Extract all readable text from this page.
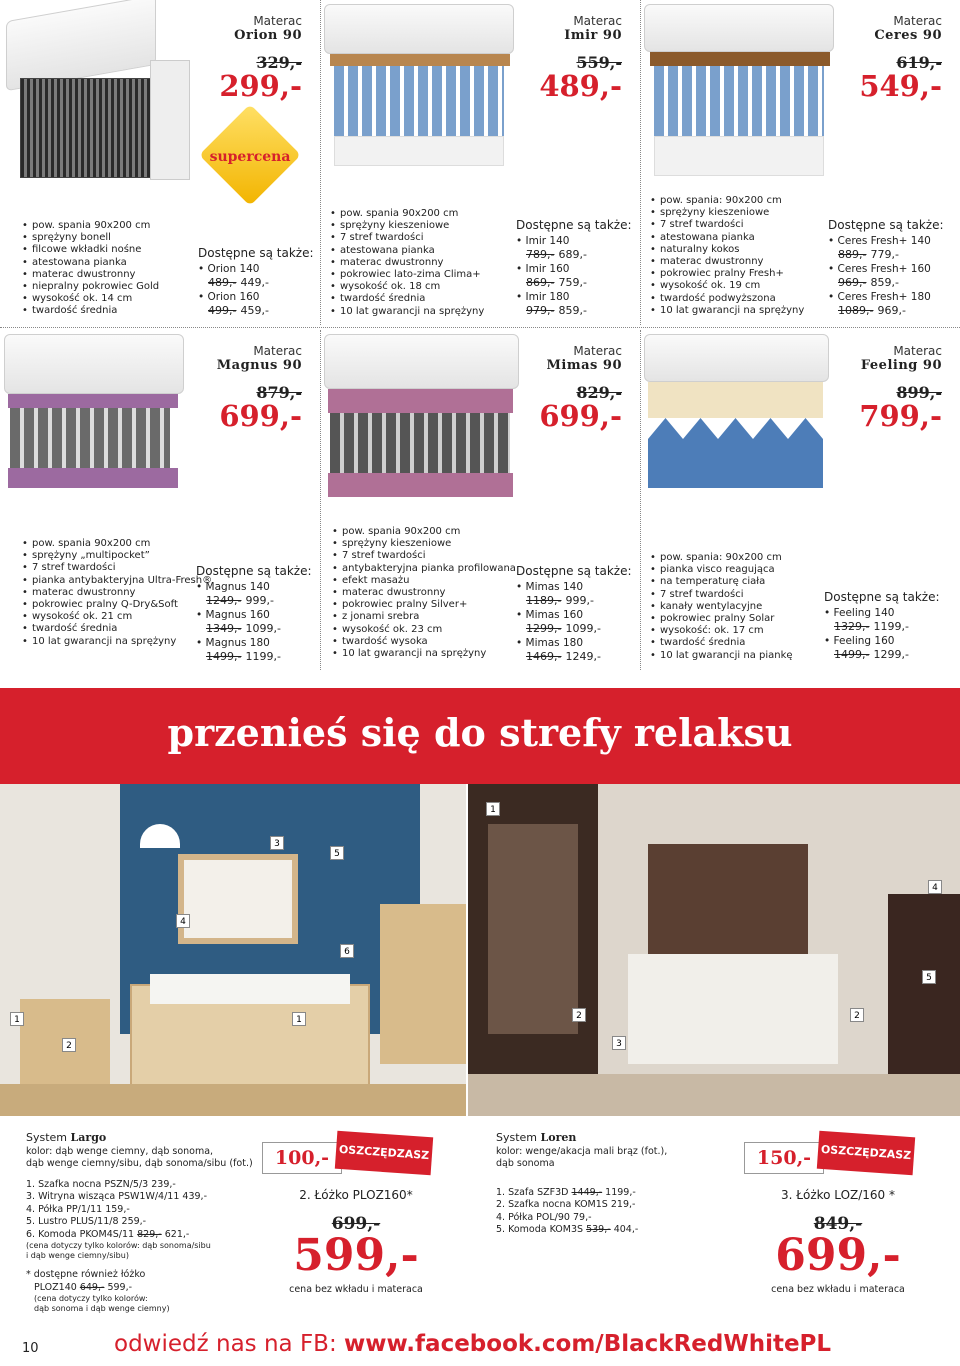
Materac
Orion 90
329,-
299,-
supercena
• pow. spania 90x200 cm
• sprężyny bonell
• filcowe wkładki nośne
• atestowana pianka
• materac dwustronny
• niepralny pokrowiec Gold
• wysokość ok. 14 cm
• twardość średnia
Dostępne są także:
• Orion 140
489,- 449,-
• Orion 160
499,- 459,-
Materac
Imir 90
559,-
489,-
• pow. spania 90x200 cm
• sprężyny kieszeniowe
• 7 stref twardości
• atestowana pianka
• materac dwustronny
• pokrowiec lato-zima Clima+
• wysokość ok. 18 cm
• twardość średnia
• 10 lat gwarancji na sprężyny
Dostępne są także:
• Imir 140
789,- 689,-
• Imir 160
869,- 759,-
• Imir 180
979,- 859,-
Materac
Ceres 90
619,-
549,-
• pow. spania: 90x200 cm
• sprężyny kieszeniowe
• 7 stref twardości
• atestowana pianka
• naturalny kokos
• materac dwustronny
• pokrowiec pralny Fresh+
• wysokość ok. 19 cm
• twardość podwyższona
• 10 lat gwarancji na sprężyny
Dostępne są także:
• Ceres Fresh+ 140
889,- 779,-
• Ceres Fresh+ 160
969,- 859,-
• Ceres Fresh+ 180
1089,- 969,-
Materac
Magnus 90
879,-
699,-
• pow. spania 90x200 cm
• sprężyny „multipocket”
• 7 stref twardości
• pianka antybakteryjna Ultra-Fresh®
• materac dwustronny
• pokrowiec pralny Q-Dry&Soft
• wysokość ok. 21 cm
• twardość średnia
• 10 lat gwarancji na sprężyny
Dostępne są także:
• Magnus 140
1249,- 999,-
• Magnus 160
1349,- 1099,-
• Magnus 180
1499,- 1199,-
Materac
Mimas 90
829,-
699,-
• pow. spania 90x200 cm
• sprężyny kieszeniowe
• 7 stref twardości
• antybakteryjna pianka profilowana
• efekt masażu
• materac dwustronny
• pokrowiec pralny Silver+
• z jonami srebra
• wysokość ok. 23 cm
• twardość wysoka
• 10 lat gwarancji na sprężyny
Dostępne są także:
• Mimas 140
1189,- 999,-
• Mimas 160
1299,- 1099,-
• Mimas 180
1469,- 1249,-
Materac
Feeling 90
899,-
799,-
• pow. spania: 90x200 cm
• pianka visco reagująca
• na temperaturę ciała
• 7 stref twardości
• kanały wentylacyjne
• pokrowiec pralny Solar
• wysokość: ok. 17 cm
• twardość średnia
• 10 lat gwarancji na piankę
Dostępne są także:
• Feeling 140
1329,- 1199,-
• Feeling 160
1499,- 1299,-
przenieś się do strefy relaksu
3
5
4
6
1	1
2
1
4
5
2	2
3
System Largo
kolor: dąb wenge ciemny, dąb sonoma,
dąb wenge ciemny/sibu, dąb sonoma/sibu (fot.)
1. Szafka nocna PSZN/5/3 239,-
3. Witryna wisząca PSW1W/4/11 439,-
4. Półka PP/1/11 159,-
5. Lustro PLUS/11/8 259,-
6. Komoda PKOM4S/11 829,- 621,-
(cena dotyczy tylko kolorów: dąb sonoma/sibu
i dąb wenge ciemny/sibu)
* dostępne również łóżko
PLOZ140 649,- 599,-
(cena dotyczy tylko kolorów:
dąb sonoma i dąb wenge ciemny)
100,- OSZCZĘDZASZ
2. Łóżko PLOZ160*
699,-
599,-
cena bez wkładu i materaca
System Loren
kolor: wenge/akacja mali brąz (fot.),
dąb sonoma
1. Szafa SZF3D 1449,- 1199,-
2. Szafka nocna KOM1S 219,-
4. Półka POL/90 79,-
5. Komoda KOM3S 539,- 404,-
150,- OSZCZĘDZASZ
3. Łóżko LOZ/160 *
849,-
699,-
cena bez wkładu i materaca
10	odwiedź nas na FB: www.facebook.com/BlackRedWhitePL
